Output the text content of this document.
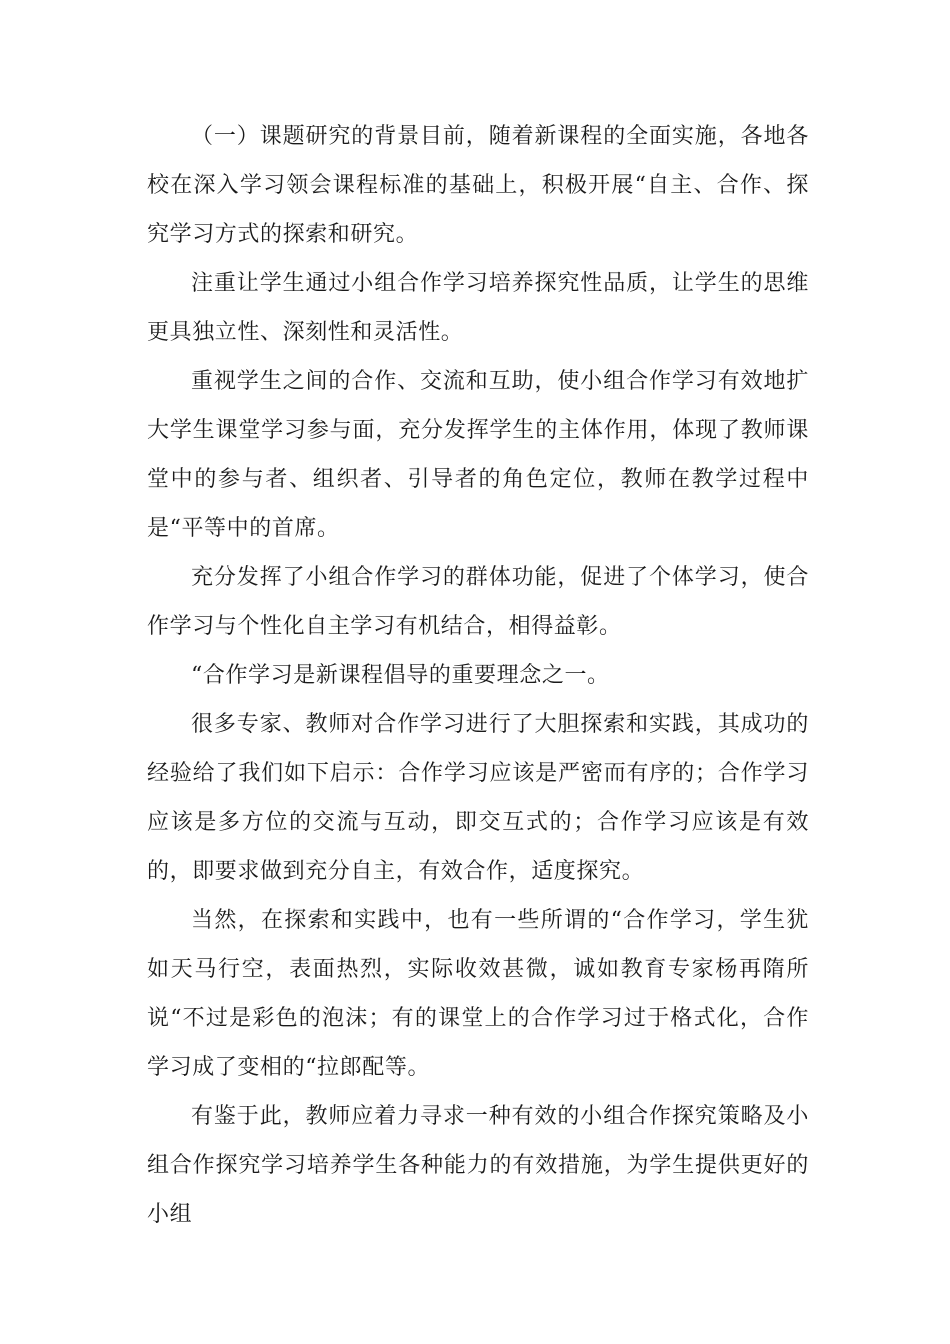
（一）课题研究的背景目前，随着新课程的全面实施，各地各校在深入学习领会课程标准的基础上，积极开展“自主、合作、探究学习方式的探索和研究。

注重让学生通过小组合作学习培养探究性品质，让学生的思维更具独立性、深刻性和灵活性。

重视学生之间的合作、交流和互助，使小组合作学习有效地扩大学生课堂学习参与面，充分发挥学生的主体作用，体现了教师课堂中的参与者、组织者、引导者的角色定位，教师在教学过程中是“平等中的首席。

充分发挥了小组合作学习的群体功能，促进了个体学习，使合作学习与个性化自主学习有机结合，相得益彰。

“合作学习是新课程倡导的重要理念之一。

很多专家、教师对合作学习进行了大胆探索和实践，其成功的经验给了我们如下启示：合作学习应该是严密而有序的；合作学习应该是多方位的交流与互动，即交互式的；合作学习应该是有效的，即要求做到充分自主，有效合作，适度探究。

当然，在探索和实践中，也有一些所谓的“合作学习，学生犹如天马行空，表面热烈，实际收效甚微，诚如教育专家杨再隋所说“不过是彩色的泡沫；有的课堂上的合作学习过于格式化，合作学习成了变相的“拉郎配等。

有鉴于此，教师应着力寻求一种有效的小组合作探究策略及小组合作探究学习培养学生各种能力的有效措施，为学生提供更好的小组
